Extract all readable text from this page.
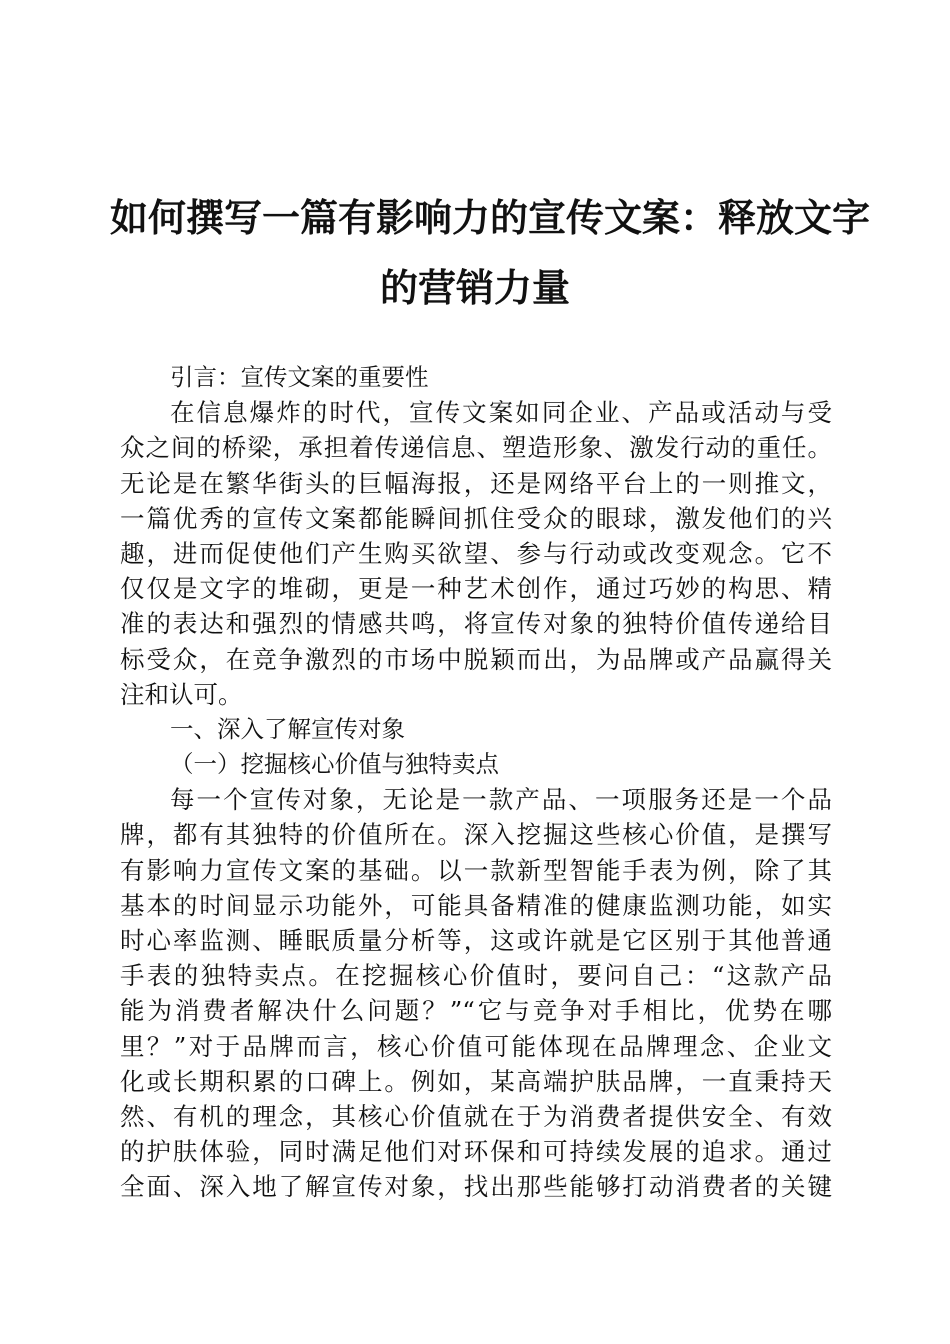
如何撰写一篇有影响力的宣传文案：释放文字
的营销力量
引言：宣传文案的重要性
在信息爆炸的时代，宣传文案如同企业、产品或活动与受
众之间的桥梁，承担着传递信息、塑造形象、激发行动的重任。
无论是在繁华街头的巨幅海报，还是网络平台上的一则推文，
一篇优秀的宣传文案都能瞬间抓住受众的眼球，激发他们的兴
趣，进而促使他们产生购买欲望、参与行动或改变观念。它不
仅仅是文字的堆砌，更是一种艺术创作，通过巧妙的构思、精
准的表达和强烈的情感共鸣，将宣传对象的独特价值传递给目
标受众，在竞争激烈的市场中脱颖而出，为品牌或产品赢得关
注和认可。
一、深入了解宣传对象
（一）挖掘核心价值与独特卖点
每一个宣传对象，无论是一款产品、一项服务还是一个品
牌，都有其独特的价值所在。深入挖掘这些核心价值，是撰写
有影响力宣传文案的基础。以一款新型智能手表为例，除了其
基本的时间显示功能外，可能具备精准的健康监测功能，如实
时心率监测、睡眠质量分析等，这或许就是它区别于其他普通
手表的独特卖点。在挖掘核心价值时，要问自己：“这款产品
能为消费者解决什么问题？”“它与竞争对手相比，优势在哪
里？”对于品牌而言，核心价值可能体现在品牌理念、企业文
化或长期积累的口碑上。例如，某高端护肤品牌，一直秉持天
然、有机的理念，其核心价值就在于为消费者提供安全、有效
的护肤体验，同时满足他们对环保和可持续发展的追求。通过
全面、深入地了解宣传对象，找出那些能够打动消费者的关键
